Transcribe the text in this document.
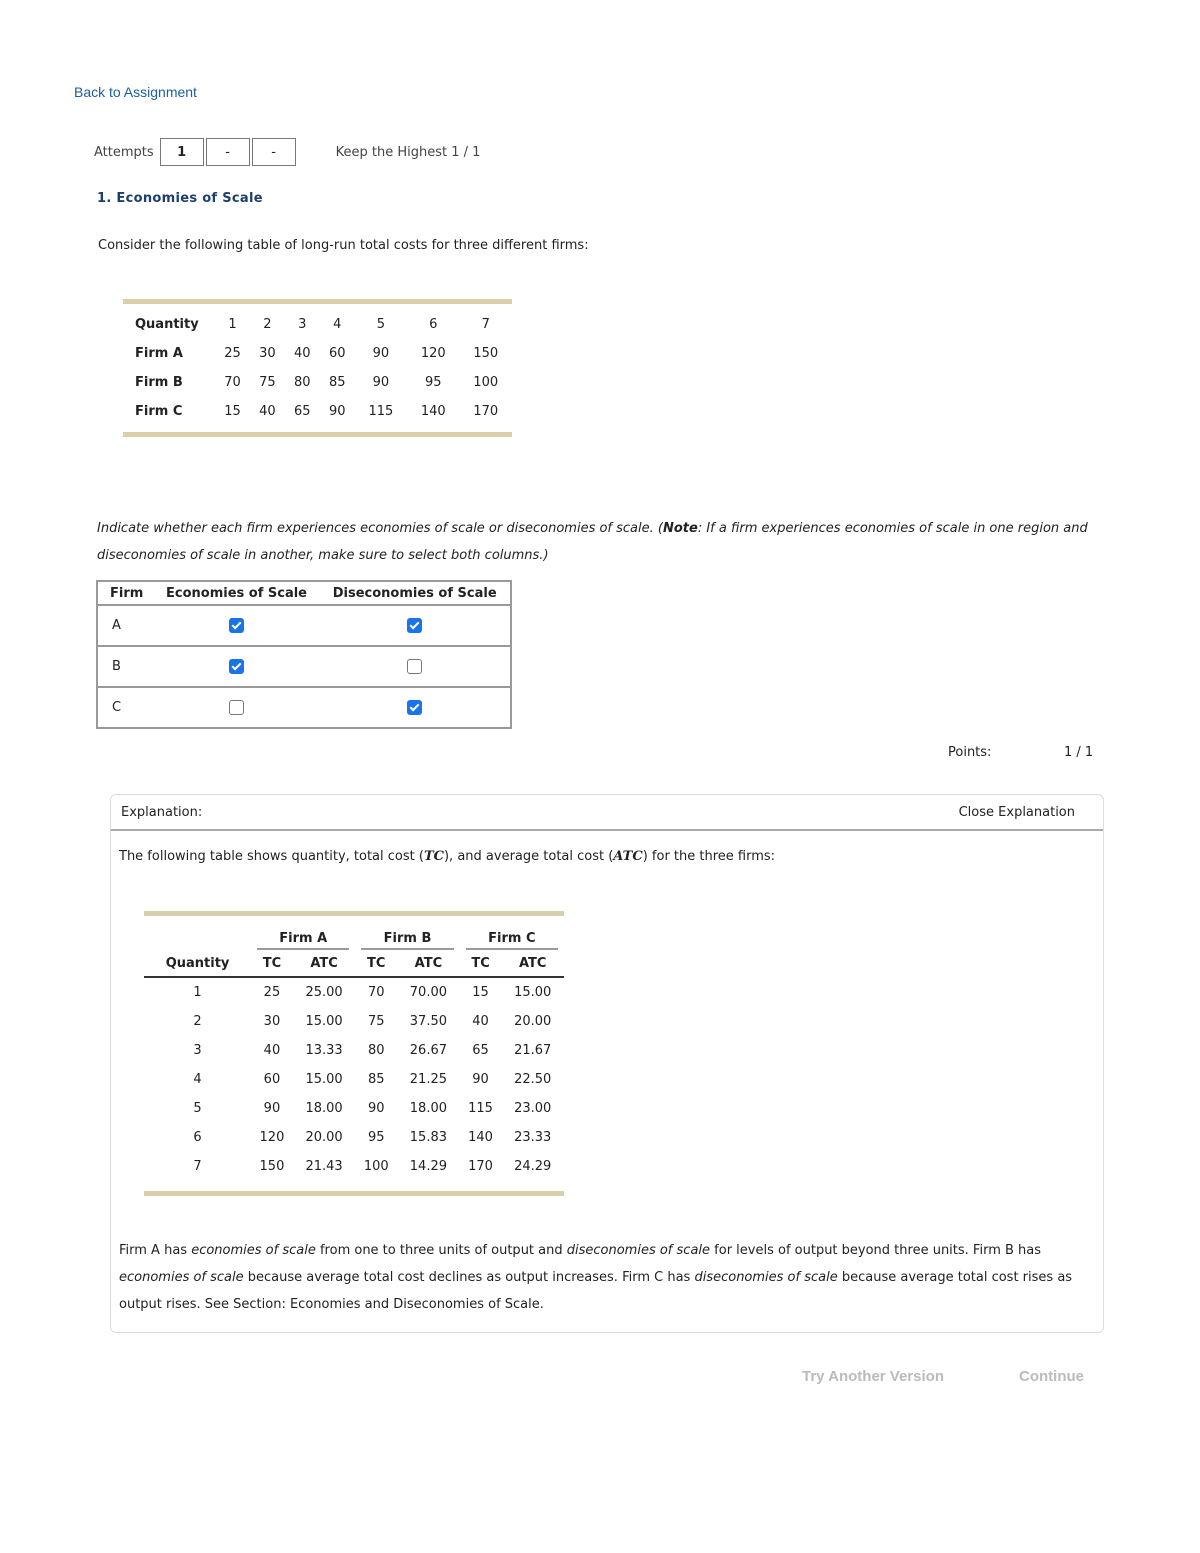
Back to Assignment
Attempts	1	-	-	Keep the Highest 1 / 1
1. Economies of Scale
Consider the following table of long-run total costs for three different firms:
Quantity	1	2	3	4	5	6	7
Firm A	25	30	40	60	90	120	150
Firm B	70	75	80	85	90	95	100
Firm C	15	40	65	90	115	140	170
Indicate whether each firm experiences economies of scale or diseconomies of scale. (Note: If a firm experiences economies of scale in one region and diseconomies of scale in another, make sure to select both columns.)
Firm	Economies of Scale	Diseconomies of Scale
A		
B		
C		
Points:	1 / 1
Explanation:	Close Explanation
The following table shows quantity, total cost (TC), and average total cost (ATC) for the three firms:

	Firm A		Firm B		Firm C	

Quantity	TC	ATC	TC	ATC	TC	ATC
1	25	25.00	70	70.00	15	15.00
2	30	15.00	75	37.50	40	20.00
3	40	13.33	80	26.67	65	21.67
4	60	15.00	85	21.25	90	22.50
5	90	18.00	90	18.00	115	23.00
6	120	20.00	95	15.83	140	23.33
7	150	21.43	100	14.29	170	24.29
Firm A has economies of scale from one to three units of output and diseconomies of scale for levels of output beyond three units. Firm B has economies of scale because average total cost declines as output increases. Firm C has diseconomies of scale because average total cost rises as output rises. See Section: Economies and Diseconomies of Scale.
Try Another Version	Continue
